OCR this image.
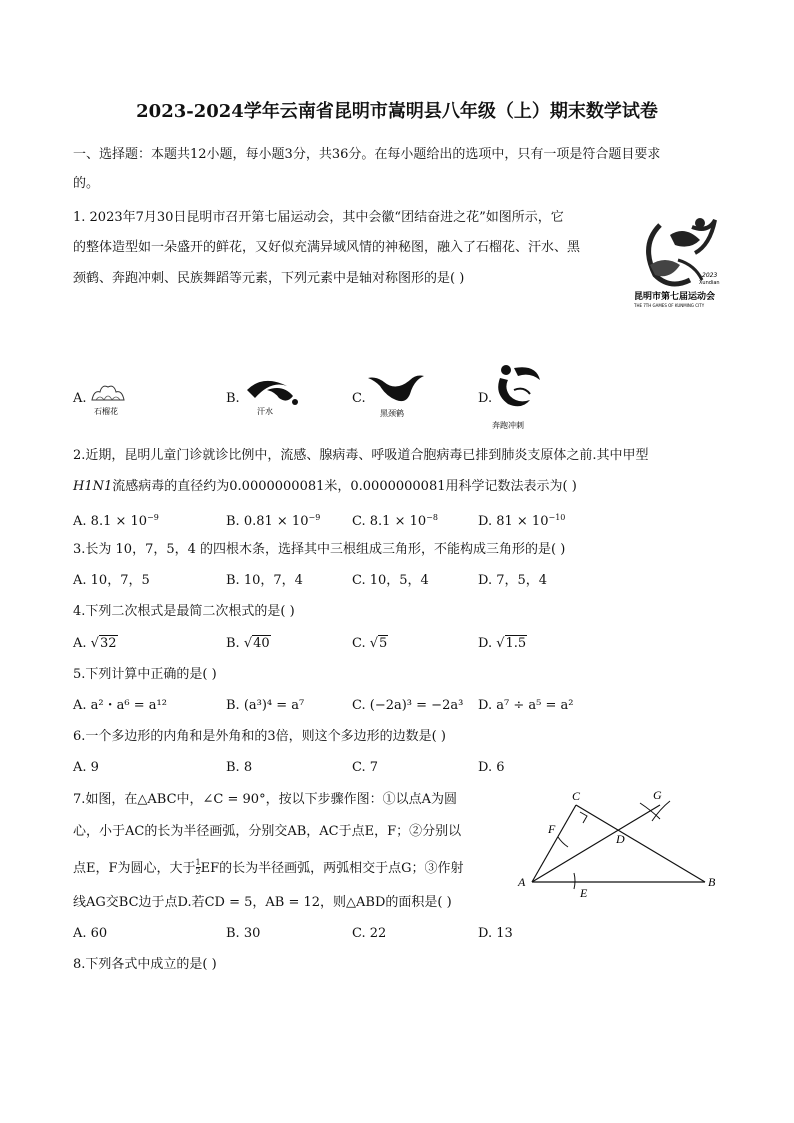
2023-2024学年云南省昆明市嵩明县八年级（上）期末数学试卷
一、选择题：本题共12小题，每小题3分，共36分。在每小题给出的选项中，只有一项是符合题目要求
的。
1. 2023年7月30日昆明市召开第七届运动会，其中会徽“团结奋进之花”如图所示，它
的整体造型如一朵盛开的鲜花，又好似充满异域风情的神秘图，融入了石榴花、汗水、黑
颈鹤、奔跑冲刺、民族舞蹈等元素，下列元素中是轴对称图形的是( )	2023
Xundian
昆明市第七届运动会
THE 7TH GAMES OF KUNMING CITY
A.
石榴花
B.
汗水
C.
黑颈鹤
D.
奔跑冲刺
2.近期，昆明儿童门诊就诊比例中，流感、腺病毒、呼吸道合胞病毒已排到肺炎支原体之前.其中甲型
H1N1流感病毒的直径约为0.0000000081米，0.0000000081用科学记数法表示为( )
A. $8.1 \times 10^{-9}$	B. $0.81 \times 10^{-9}$ C. $8.1 \times 10^{-8}$	D. $81 \times 10^{-10}$
3.长为 10，7，5，4 的四根木条，选择其中三根组成三角形，不能构成三角形的是( )
A. 10，7，5	B. 10，7，4	C. 10，5，4	D. 7，5，4
4.下列二次根式是最简二次根式的是( )
A. √32	B. √40	C. √5	D. √1.5
5.下列计算中正确的是( )
A. a²・a⁶ = a¹²	B. (a³)⁴ = a⁷	C. (−2a)³ = −2a³ D. a⁷ ÷ a⁵ = a²
6.一个多边形的内角和是外角和的3倍，则这个多边形的边数是( )
A. 9	B. 8	C. 7	D. 6
7.如图，在△ABC中，∠C = 90°，按以下步骤作图：①以点A为圆
心，小于AC的长为半径画弧，分别交AB，AC于点E，F；②分别以
点E，F为圆心，大于 $\frac{1}{2}$ EF的长为半径画弧，两弧相交于点G；③作射
线AG交BC边于点D.若CD = 5，AB = 12，则△ABD的面积是( )
A. 60	B. 30	C. 22	D. 13
C	G
F
D
A
E
B
8.下列各式中成立的是( )
